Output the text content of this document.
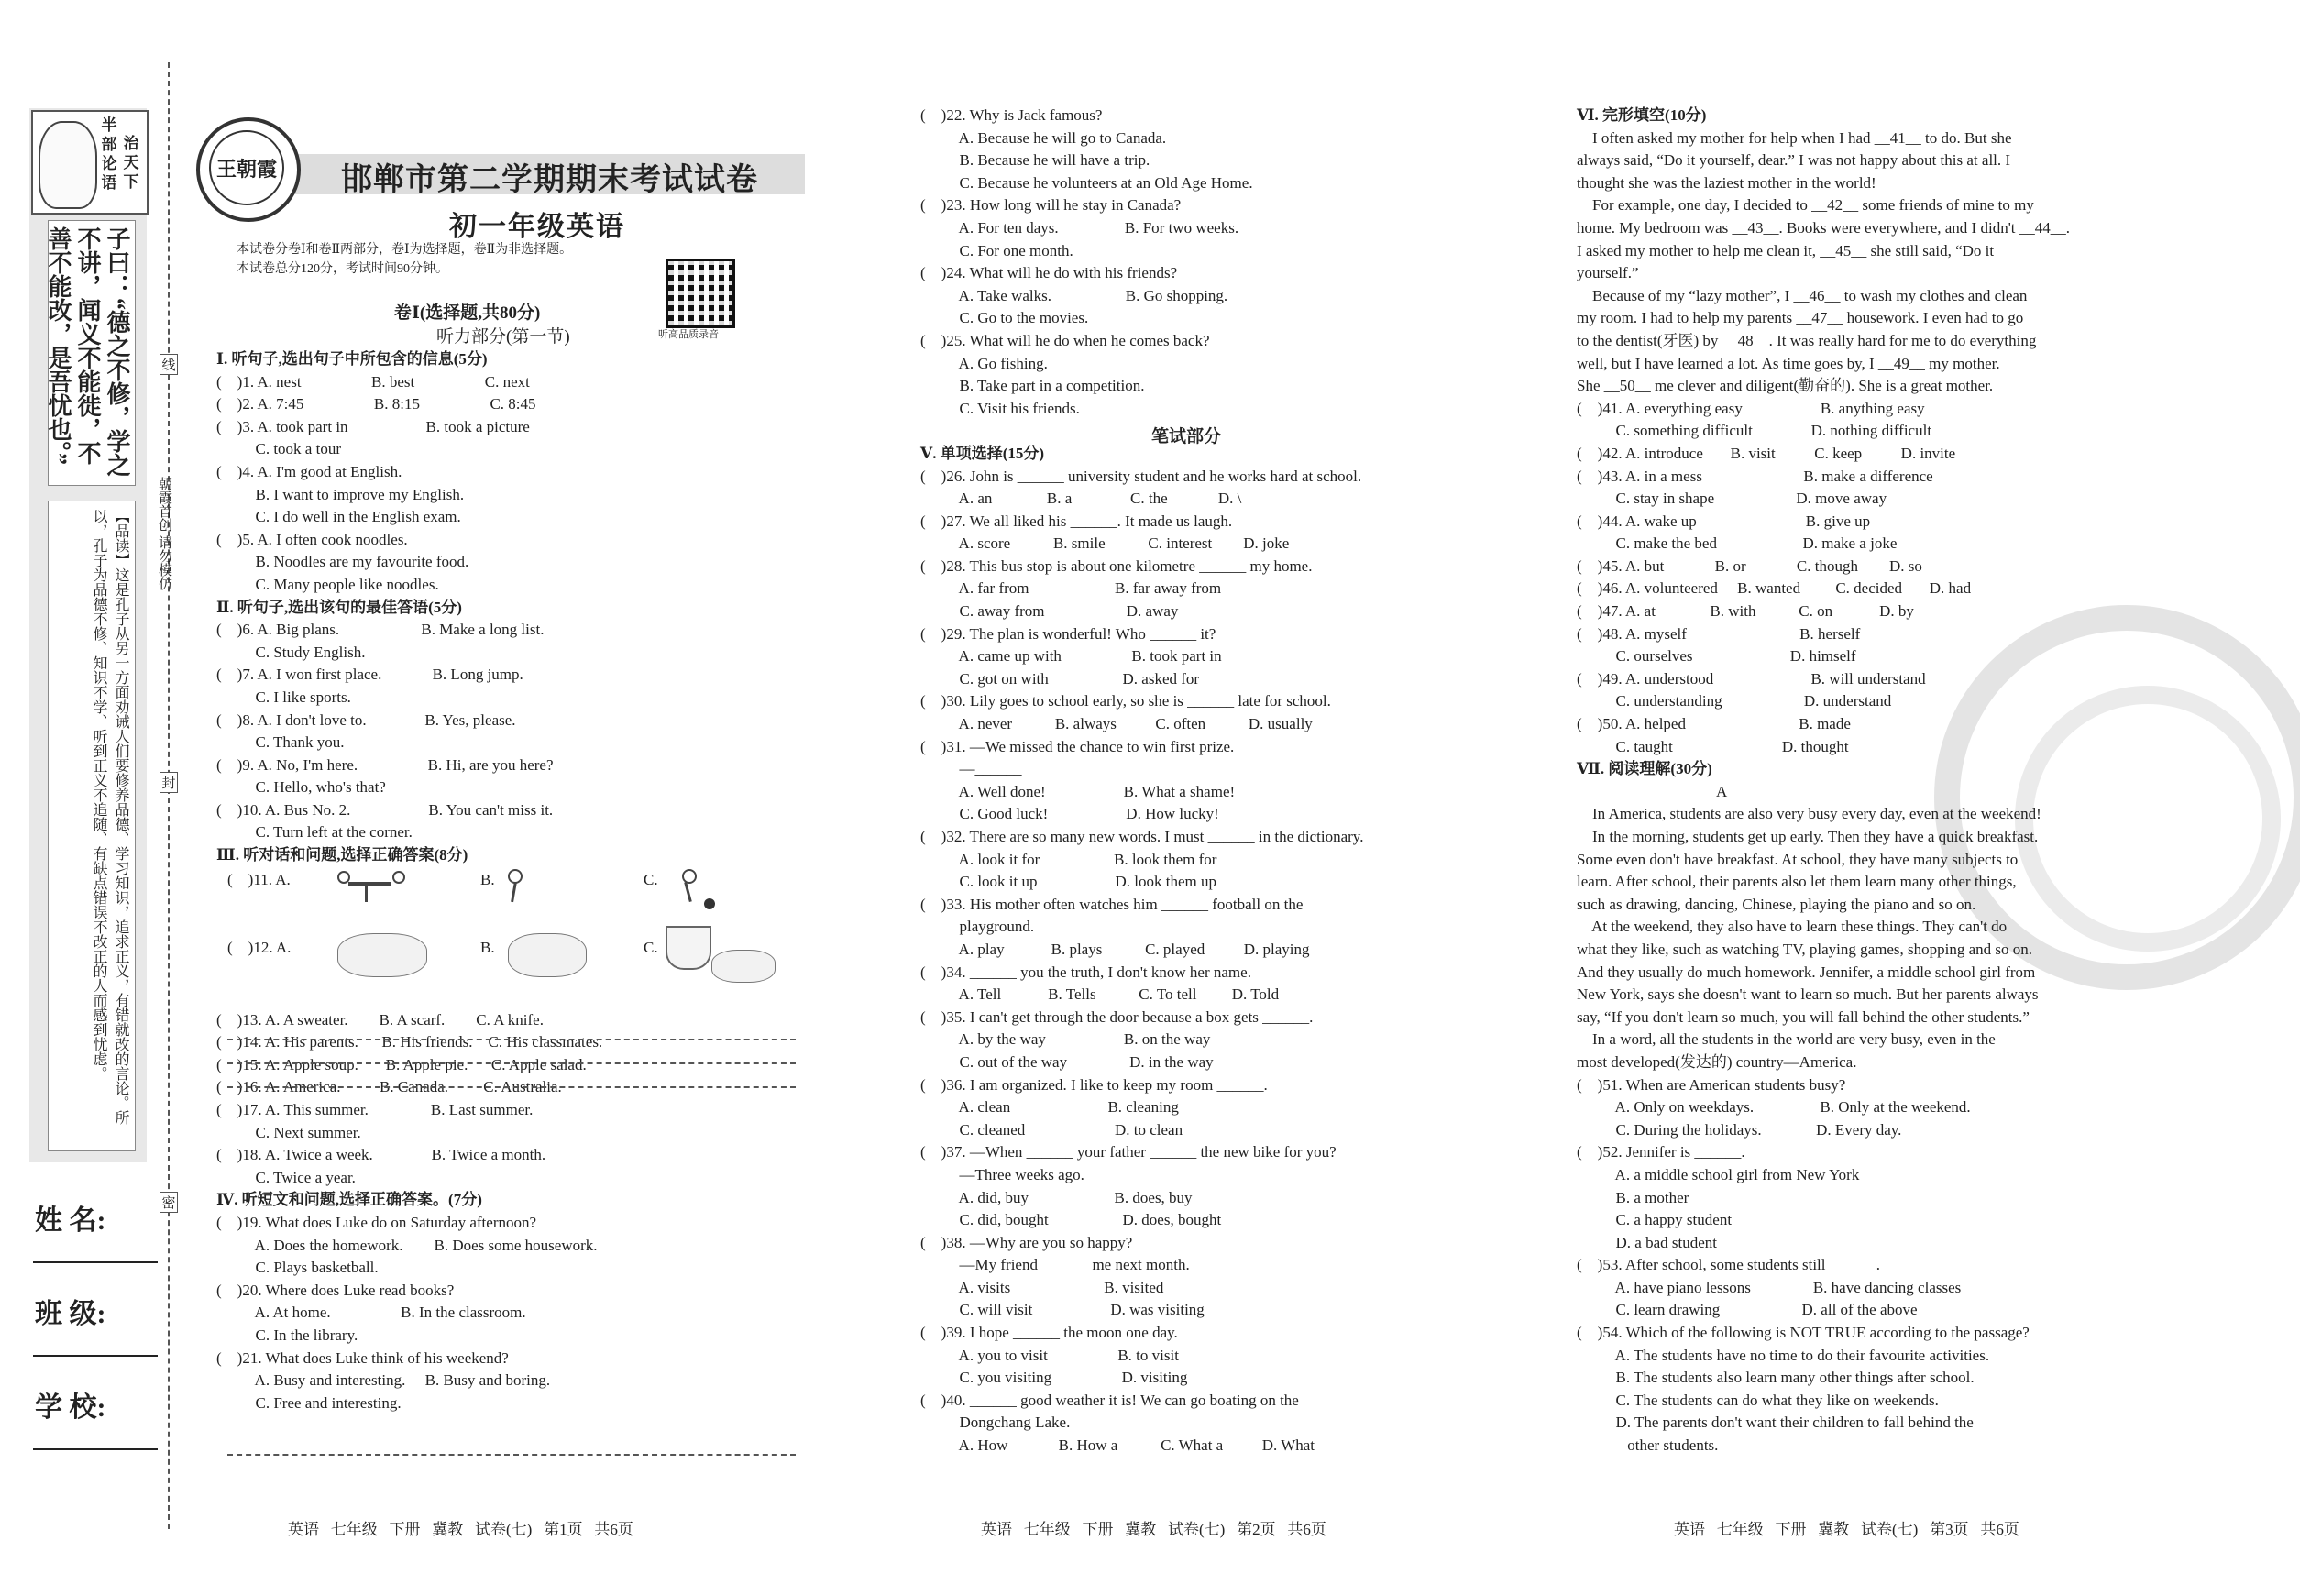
半
部
论
语
治
天
下
子曰：“德之不修，学之不讲，闻义不能徙，不善不能改，是吾忧也。”
【品读】这是孔子从另一方面劝诫人们要修养品德、学习知识，追求正义，有错就改的言论。所以，孔子为品德不修、知识不学、听到正义不追随、有缺点错误不改正的人而感到忧虑。
姓 名:
班 级:
学 校:
线
封
密
朝霞首创 请勿模仿
王朝霞 邯郸市第二学期期末考试试卷
初一年级英语
本试卷分卷Ⅰ和卷Ⅱ两部分，卷Ⅰ为选择题，卷Ⅱ为非选择题。
本试卷总分120分，考试时间90分钟。
听高品质录音
卷Ⅰ(选择题,共80分)
听力部分(第一节)
Ⅰ. 听句子,选出句子中所包含的信息(5分)
(    )1. A. nest                  B. best                  C. next
(    )2. A. 7:45                  B. 8:15                  C. 8:45
(    )3. A. took part in                    B. took a picture
C. took a tour
(    )4. A. I'm good at English.
B. I want to improve my English.
C. I do well in the English exam.
(    )5. A. I often cook noodles.
B. Noodles are my favourite food.
C. Many people like noodles.
Ⅱ. 听句子,选出该句的最佳答语(5分)
(    )6. A. Big plans.                     B. Make a long list.
C. Study English.
(    )7. A. I won first place.             B. Long jump.
C. I like sports.
(    )8. A. I don't love to.               B. Yes, please.
C. Thank you.
(    )9. A. No, I'm here.                  B. Hi, are you here?
C. Hello, who's that?
(    )10. A. Bus No. 2.                    B. You can't miss it.
C. Turn left at the corner.
Ⅲ. 听对话和问题,选择正确答案(8分)
(    )11. A.	B.	C.
(    )12. A.	B.	C.
(    )13. A. A sweater.        B. A scarf.        C. A knife.
(    )14. A. His parents.      B. His friends.    C. His classmates.
(    )15. A. Apple soup.       B. Apple pie.      C. Apple salad.
(    )16. A. America.          B. Canada.         C. Australia.
(    )17. A. This summer.                B. Last summer.
C. Next summer.
(    )18. A. Twice a week.               B. Twice a month.
C. Twice a year.
Ⅳ. 听短文和问题,选择正确答案。(7分)
(    )19. What does Luke do on Saturday afternoon?
A. Does the homework.        B. Does some housework.
C. Plays basketball.
(    )20. Where does Luke read books?
A. At home.                  B. In the classroom.
C. In the library.
(    )21. What does Luke think of his weekend?
A. Busy and interesting.     B. Busy and boring.
C. Free and interesting.
(    )22. Why is Jack famous?
A. Because he will go to Canada.
B. Because he will have a trip.
C. Because he volunteers at an Old Age Home.
(    )23. How long will he stay in Canada?
A. For ten days.                 B. For two weeks.
C. For one month.
(    )24. What will he do with his friends?
A. Take walks.                   B. Go shopping.
C. Go to the movies.
(    )25. What will he do when he comes back?
A. Go fishing.
B. Take part in a competition.
C. Visit his friends.
Ⅴ. 单项选择(15分)
(    )26. John is ______ university student and he works hard at school.
A. an              B. a               C. the             D. \
(    )27. We all liked his ______. It made us laugh.
A. score           B. smile           C. interest        D. joke
(    )28. This bus stop is about one kilometre ______ my home.
A. far from                      B. far away from
C. away from                     D. away
(    )29. The plan is wonderful! Who ______ it?
A. came up with                  B. took part in
C. got on with                   D. asked for
(    )30. Lily goes to school early, so she is ______ late for school.
A. never           B. always          C. often           D. usually
(    )31. —We missed the chance to win first prize.
—______
A. Well done!                    B. What a shame!
C. Good luck!                    D. How lucky!
(    )32. There are so many new words. I must ______ in the dictionary.
A. look it for                   B. look them for
C. look it up                    D. look them up
(    )33. His mother often watches him ______ football on the
playground.
A. play            B. plays           C. played          D. playing
(    )34. ______ you the truth, I don't know her name.
A. Tell            B. Tells           C. To tell         D. Told
(    )35. I can't get through the door because a box gets ______.
A. by the way                    B. on the way
C. out of the way                D. in the way
(    )36. I am organized. I like to keep my room ______.
A. clean                         B. cleaning
C. cleaned                       D. to clean
(    )37. —When ______ your father ______ the new bike for you?
—Three weeks ago.
A. did, buy                      B. does, buy
C. did, bought                   D. does, bought
(    )38. —Why are you so happy?
—My friend ______ me next month.
A. visits                        B. visited
C. will visit                    D. was visiting
(    )39. I hope ______ the moon one day.
A. you to visit                  B. to visit
C. you visiting                  D. visiting
(    )40. ______ good weather it is! We can go boating on the
Dongchang Lake.
A. How             B. How a           C. What a          D. What
笔试部分
Ⅵ. 完形填空(10分)
I often asked my mother for help when I had __41__ to do. But she
always said, “Do it yourself, dear.” I was not happy about this at all. I
thought she was the laziest mother in the world!
For example, one day, I decided to __42__ some friends of mine to my
home. My bedroom was __43__. Books were everywhere, and I didn't __44__.
I asked my mother to help me clean it, __45__ she still said, “Do it
yourself.”
Because of my “lazy mother”, I __46__ to wash my clothes and clean
my room. I had to help my parents __47__ housework. I even had to go
to the dentist(牙医) by __48__. It was really hard for me to do everything
well, but I have learned a lot. As time goes by, I __49__ my mother.
She __50__ me clever and diligent(勤奋的). She is a great mother.
(    )41. A. everything easy                    B. anything easy
C. something difficult               D. nothing difficult
(    )42. A. introduce       B. visit          C. keep          D. invite
(    )43. A. in a mess                          B. make a difference
C. stay in shape                     D. move away
(    )44. A. wake up                            B. give up
C. make the bed                      D. make a joke
(    )45. A. but             B. or             C. though        D. so
(    )46. A. volunteered     B. wanted         C. decided       D. had
(    )47. A. at              B. with           C. on            D. by
(    )48. A. myself                             B. herself
C. ourselves                         D. himself
(    )49. A. understood                         B. will understand
C. understanding                     D. understand
(    )50. A. helped                             B. made
C. taught                            D. thought
Ⅶ. 阅读理解(30分)
A
In America, students are also very busy every day, even at the weekend!
In the morning, students get up early. Then they have a quick breakfast.
Some even don't have breakfast. At school, they have many subjects to
learn. After school, their parents also let them learn many other things,
such as drawing, dancing, Chinese, playing the piano and so on.
At the weekend, they also have to learn these things. They can't do
what they like, such as watching TV, playing games, shopping and so on.
And they usually do much homework. Jennifer, a middle school girl from
New York, says she doesn't want to learn so much. But her parents always
say, “If you don't learn so much, you will fall behind the other students.”
In a word, all the students in the world are very busy, even in the
most developed(发达的) country—America.
(    )51. When are American students busy?
A. Only on weekdays.                 B. Only at the weekend.
C. During the holidays.              D. Every day.
(    )52. Jennifer is ______.
A. a middle school girl from New York
B. a mother
C. a happy student
D. a bad student
(    )53. After school, some students still ______.
A. have piano lessons                B. have dancing classes
C. learn drawing                     D. all of the above
(    )54. Which of the following is NOT TRUE according to the passage?
A. The students have no time to do their favourite activities.
B. The students also learn many other things after school.
C. The students can do what they like on weekends.
D. The parents don't want their children to fall behind the
other students.
英语   七年级   下册   冀教   试卷(七)   第1页   共6页	英语   七年级   下册   冀教   试卷(七)   第2页   共6页	英语   七年级   下册   冀教   试卷(七)   第3页   共6页
